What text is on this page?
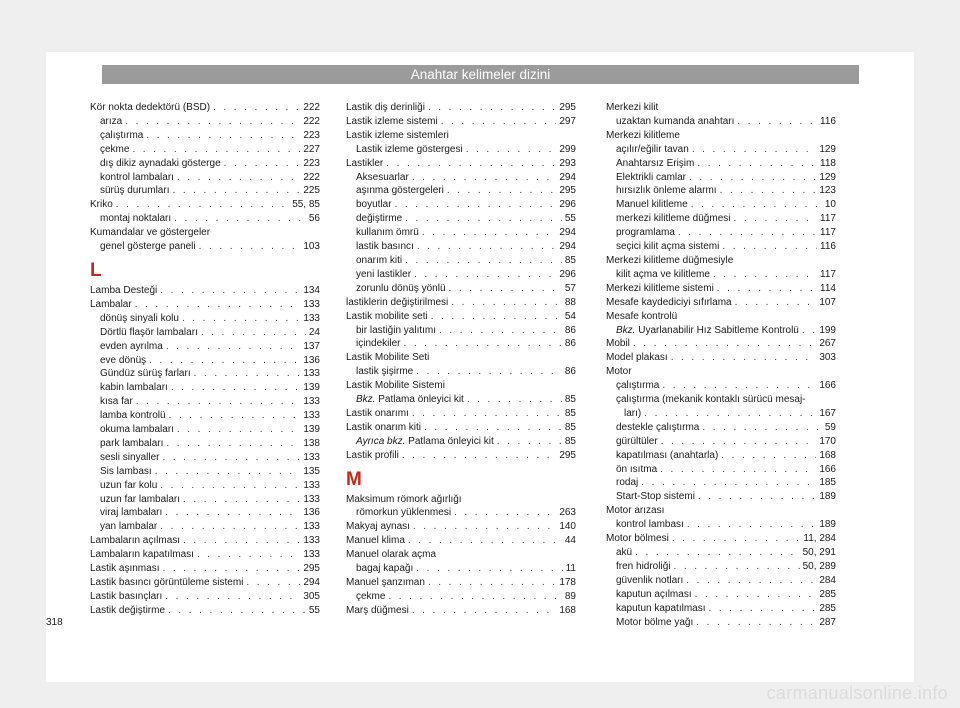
Anahtar kelimeler dizini
Kör nokta dedektörü (BSD) . . .	222
arıza . . .	222
çalıştırma . . .	223
çekme . . .	227
dış dikiz aynadaki gösterge . . .	223
kontrol lambaları . . .	222
sürüş durumları . . .	225
Kriko . . .	55, 85
montaj noktaları . . .	56
Kumandalar ve göstergeler
genel gösterge paneli . . .	103
L
Lamba Desteği . . .	134
Lambalar . . .	133
dönüş sinyali kolu . . .	133
Dörtlü flaşör lambaları . . .	24
evden ayrılma . . .	137
eve dönüş . . .	136
Gündüz sürüş farları . . .	133
kabin lambaları . . .	139
kısa far . . .	133
lamba kontrolü . . .	133
okuma lambaları . . .	139
park lambaları . . .	138
sesli sinyaller . . .	133
Sis lambası . . .	135
uzun far kolu . . .	133
uzun far lambaları . . .	133
viraj lambaları . . .	136
yan lambalar . . .	133
Lambaların açılması . . .	133
Lambaların kapatılması . . .	133
Lastik aşınması . . .	295
Lastik basıncı görüntüleme sistemi . . .	294
Lastik basınçları . . .	305
Lastik değiştirme . . .	55
Lastik diş derinliği . . .	295
Lastik izleme sistemi . . .	297
Lastik izleme sistemleri
Lastik izleme göstergesi . . .	299
Lastikler . . .	293
Aksesuarlar . . .	294
aşınma göstergeleri . . .	295
boyutlar . . .	296
değiştirme . . .	55
kullanım ömrü . . .	294
lastik basıncı . . .	294
onarım kiti . . .	85
yeni lastikler . . .	296
zorunlu dönüş yönlü . . .	57
lastiklerin değiştirilmesi . . .	88
Lastik mobilite seti . . .	54
bir lastiğin yalıtımı . . .	86
içindekiler . . .	86
Lastik Mobilite Seti
lastik şişirme . . .	86
Lastik Mobilite Sistemi
Bkz. Patlama önleyici kit . . .	85
Lastik onarımı . . .	85
Lastik onarım kiti . . .	85
Ayrıca bkz. Patlama önleyici kit . . .	85
Lastik profili . . .	295
M
Maksimum römork ağırlığı
römorkun yüklenmesi . . .	263
Makyaj aynası . . .	140
Manuel klima . . .	44
Manuel olarak açma
bagaj kapağı . . .	11
Manuel şanzıman . . .	178
çekme . . .	89
Marş düğmesi . . .	168
Merkezi kilit
uzaktan kumanda anahtarı . . .	116
Merkezi kilitleme
açılır/eğilir tavan . . .	129
Anahtarsız Erişim . . .	118
Elektrikli camlar . . .	129
hırsızlık önleme alarmı . . .	123
Manuel kilitleme . . .	10
merkezi kilitleme düğmesi . . .	117
programlama . . .	117
seçici kilit açma sistemi . . .	116
Merkezi kilitleme düğmesiyle
kilit açma ve kilitleme . . .	117
Merkezi kilitleme sistemi . . .	114
Mesafe kaydediciyi sıfırlama . . .	107
Mesafe kontrolü
Bkz. Uyarlanabilir Hız Sabitleme Kontrolü . . . 199
Mobil . . .	267
Model plakası . . .	303
Motor
çalıştırma . . .	166
çalıştırma (mekanik kontaklı sürücü mesaj-
ları) . . .	167
destekle çalıştırma . . .	59
gürültüler . . .	170
kapatılması (anahtarla) . . .	168
ön ısıtma . . .	166
rodaj . . .	185
Start-Stop sistemi . . .	189
Motor arızası
kontrol lambası . . .	189
Motor bölmesi . . .	11, 284
akü . . .	50, 291
fren hidroliği . . .	50, 289
güvenlik notları . . .	284
kaputun açılması . . .	285
kaputun kapatılması . . .	285
Motor bölme yağı . . .	287
318
carmanualsonline.info
